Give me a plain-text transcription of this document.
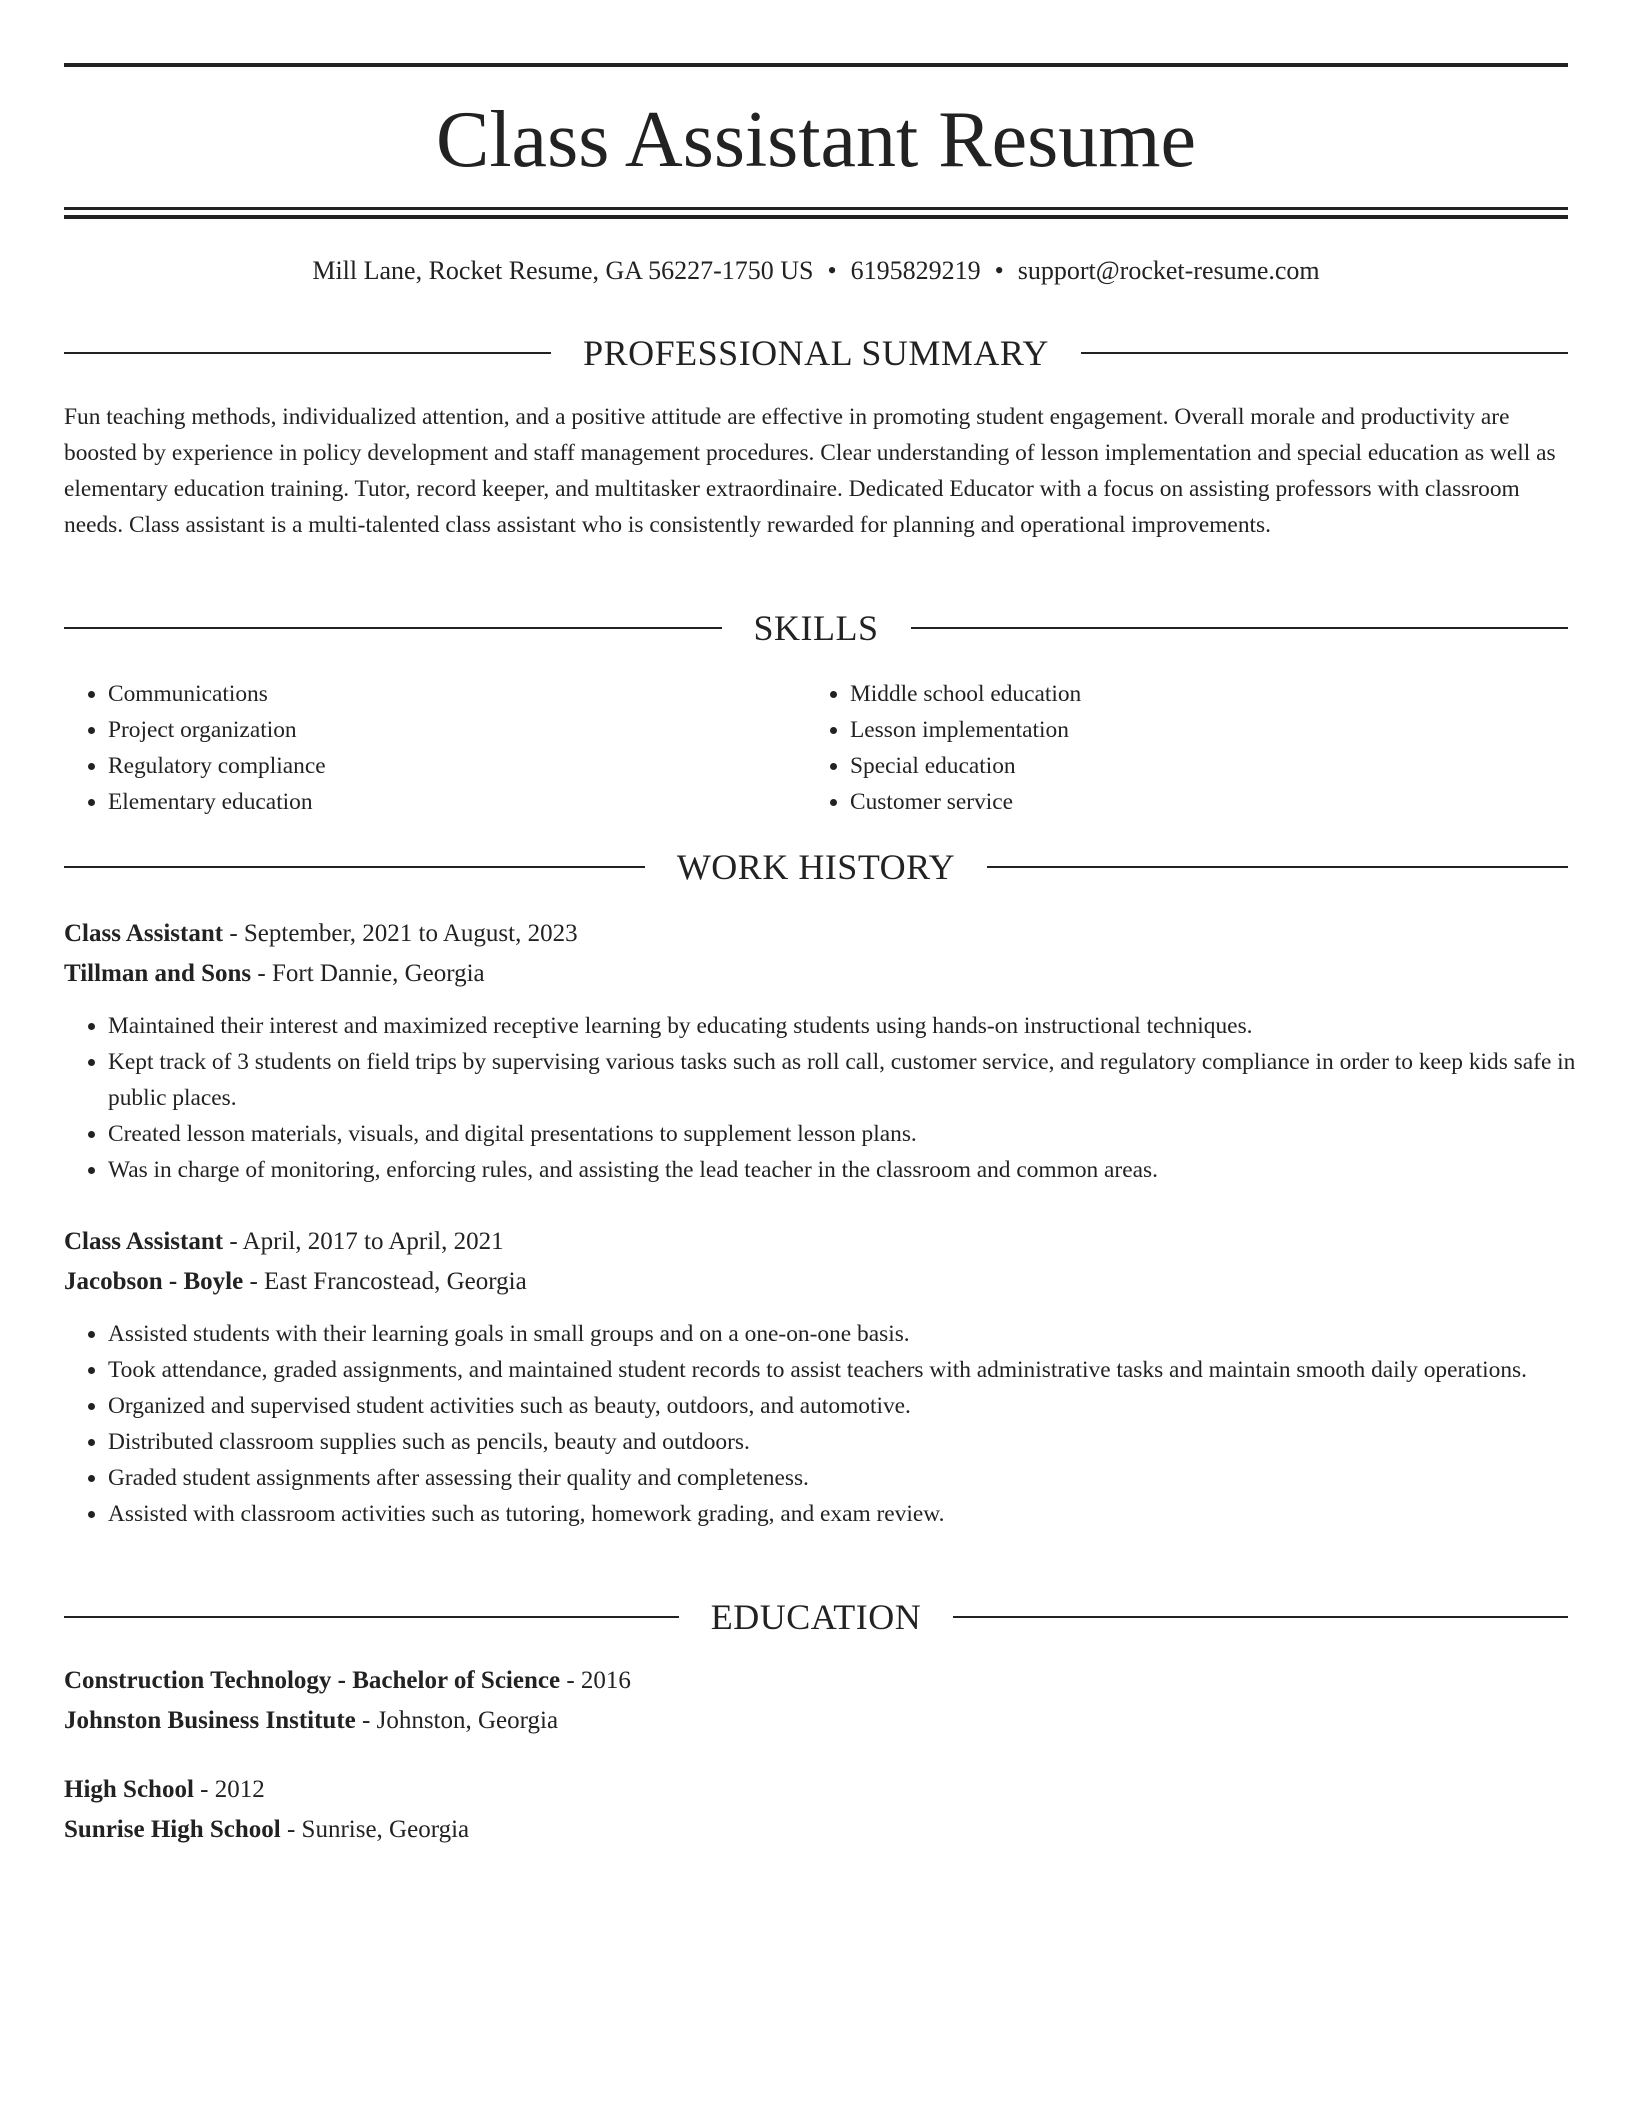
Class Assistant Resume
Mill Lane, Rocket Resume, GA 56227-1750 US • 6195829219 • support@rocket-resume.com
PROFESSIONAL SUMMARY

Fun teaching methods, individualized attention, and a positive attitude are effective in promoting student engagement. Overall morale and productivity are boosted by experience in policy development and staff management procedures. Clear understanding of lesson implementation and special education as well as elementary education training. Tutor, record keeper, and multitasker extraordinaire. Dedicated Educator with a focus on assisting professors with classroom needs. Class assistant is a multi-talented class assistant who is consistently rewarded for planning and operational improvements.

SKILLS
• Communications
• Project organization
• Regulatory compliance
• Elementary education
• Middle school education
• Lesson implementation
• Special education
• Customer service
WORK HISTORY

Class Assistant - September, 2021 to August, 2023

Tillman and Sons - Fort Dannie, Georgia

• Maintained their interest and maximized receptive learning by educating students using hands-on instructional techniques.
• Kept track of 3 students on field trips by supervising various tasks such as roll call, customer service, and regulatory compliance in order to keep kids safe in public places.
• Created lesson materials, visuals, and digital presentations to supplement lesson plans.
• Was in charge of monitoring, enforcing rules, and assisting the lead teacher in the classroom and common areas.

Class Assistant - April, 2017 to April, 2021

Jacobson - Boyle - East Francostead, Georgia

• Assisted students with their learning goals in small groups and on a one-on-one basis.
• Took attendance, graded assignments, and maintained student records to assist teachers with administrative tasks and maintain smooth daily operations.
• Organized and supervised student activities such as beauty, outdoors, and automotive.
• Distributed classroom supplies such as pencils, beauty and outdoors.
• Graded student assignments after assessing their quality and completeness.
• Assisted with classroom activities such as tutoring, homework grading, and exam review.
EDUCATION

Construction Technology - Bachelor of Science - 2016

Johnston Business Institute - Johnston, Georgia

High School - 2012

Sunrise High School - Sunrise, Georgia
